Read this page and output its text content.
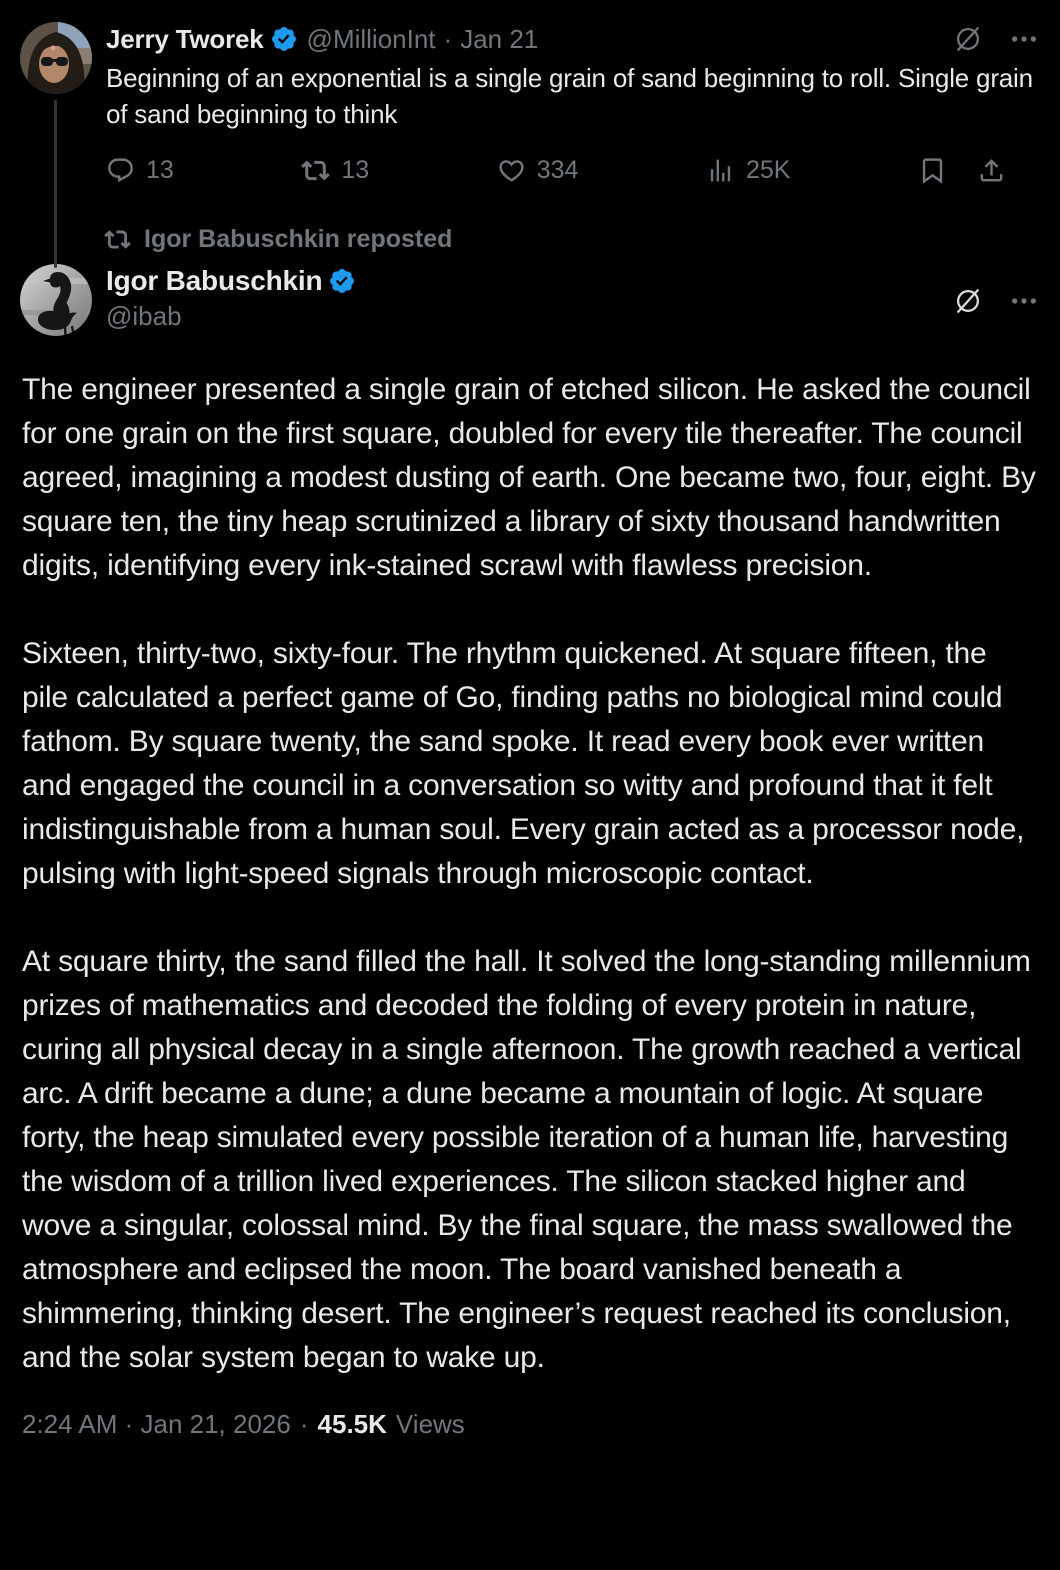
Jerry Tworek @MillionInt · Jan 21
Beginning of an exponential is a single grain of sand beginning to roll. Single grain of sand beginning to think
13	13	334	25K
Igor Babuschkin reposted
Igor Babuschkin
@ibab

The engineer presented a single grain of etched silicon. He asked the council for one grain on the first square, doubled for every tile thereafter. The council agreed, imagining a modest dusting of earth. One became two, four, eight. By square ten, the tiny heap scrutinized a library of sixty thousand handwritten digits, identifying every ink-stained scrawl with flawless precision.

Sixteen, thirty-two, sixty-four. The rhythm quickened. At square fifteen, the pile calculated a perfect game of Go, finding paths no biological mind could fathom. By square twenty, the sand spoke. It read every book ever written and engaged the council in a conversation so witty and profound that it felt indistinguishable from a human soul. Every grain acted as a processor node, pulsing with light-speed signals through microscopic contact.

At square thirty, the sand filled the hall. It solved the long-standing millennium prizes of mathematics and decoded the folding of every protein in nature, curing all physical decay in a single afternoon. The growth reached a vertical arc. A drift became a dune; a dune became a mountain of logic. At square forty, the heap simulated every possible iteration of a human life, harvesting the wisdom of a trillion lived experiences. The silicon stacked higher and wove a singular, colossal mind. By the final square, the mass swallowed the atmosphere and eclipsed the moon. The board vanished beneath a shimmering, thinking desert. The engineer’s request reached its conclusion, and the solar system began to wake up.

2:24 AM · Jan 21, 2026 · 45.5K Views
